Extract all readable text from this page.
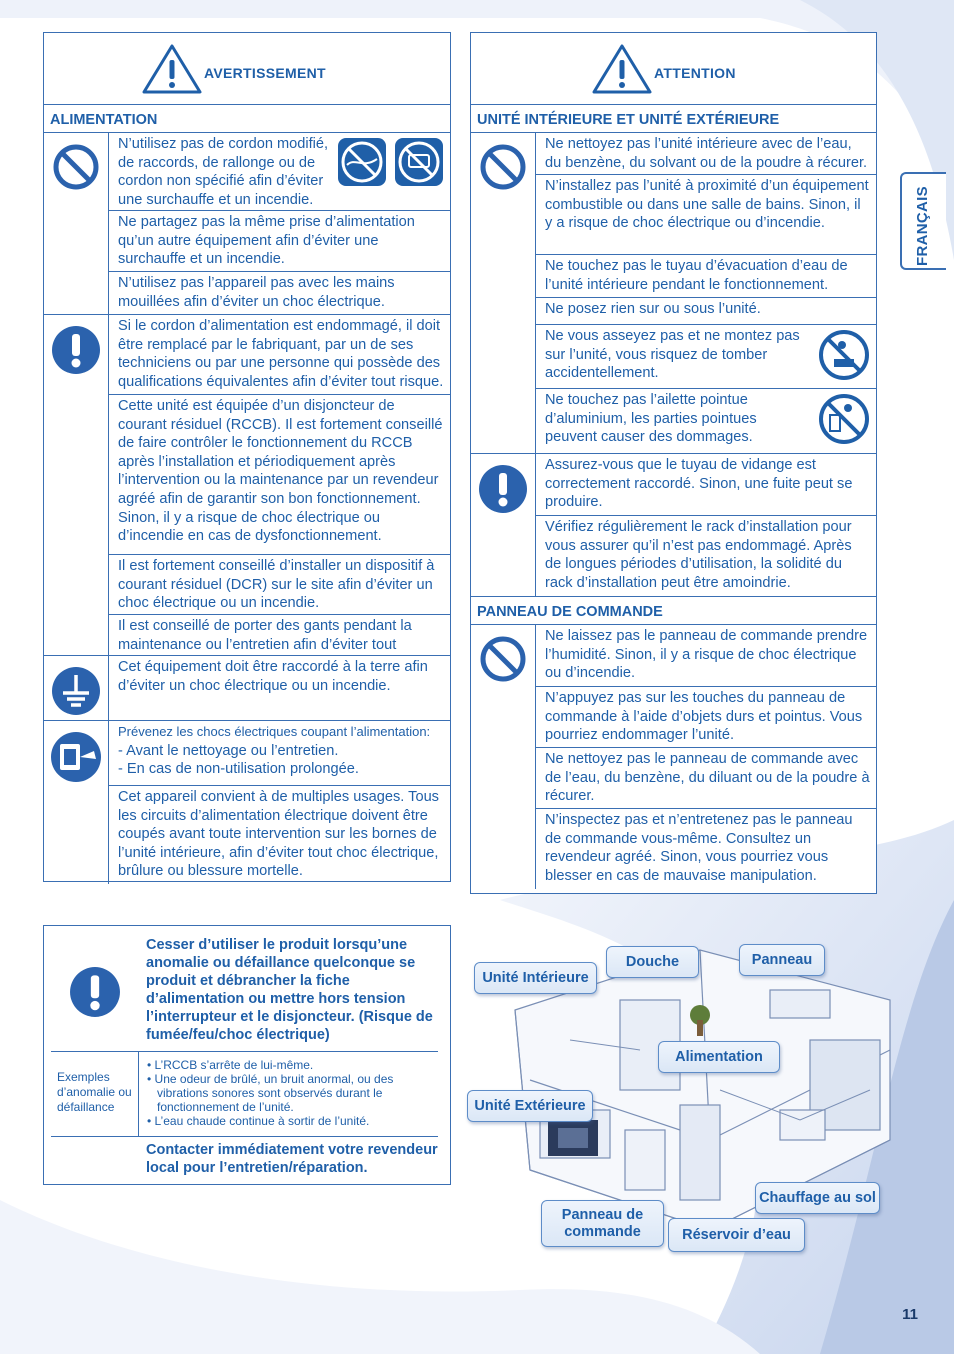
FRANÇAIS
AVERTISSEMENT
ALIMENTATION
N’utilisez pas de cordon modifié, de raccords, de rallonge ou de cordon non spécifié afin d’éviter une surchauffe et un incendie.
Ne partagez pas la même prise d’alimentation qu’un autre équipement afin d’éviter une surchauffe et un incendie.
N’utilisez pas l’appareil pas avec les mains mouillées afin d’éviter un choc électrique.
Si le cordon d’alimentation est endommagé, il doit être remplacé par le fabriquant, par un de ses techniciens ou par une personne qui possède des qualifications équivalentes afin d’éviter tout risque.
Cette unité est équipée d’un disjoncteur de courant résiduel (RCCB). Il est fortement conseillé de faire contrôler le fonctionnement du RCCB après l’installation et périodiquement après l’intervention ou la maintenance par un revendeur agréé afin de garantir son bon fonctionnement. Sinon, il y a risque de choc électrique ou d’incendie en cas de dysfonctionnement.
Il est fortement conseillé d’installer un dispositif à courant résiduel (DCR) sur le site afin d’éviter un choc électrique ou un incendie.
Il est conseillé de porter des gants pendant la maintenance ou l’entretien afin d’éviter tout
Cet équipement doit être raccordé à la terre afin d’éviter un choc électrique ou un incendie.
Prévenez les chocs électriques coupant l’alimentation:
- Avant le nettoyage ou l’entretien.
- En cas de non-utilisation prolongée.
Cet appareil convient à de multiples usages. Tous les circuits d’alimentation électrique doivent être coupés avant toute intervention sur les bornes de l’unité intérieure, afin d’éviter tout choc électrique, brûlure ou blessure mortelle.
ATTENTION
UNITÉ INTÉRIEURE ET UNITÉ EXTÉRIEURE
Ne nettoyez pas l’unité intérieure avec de l’eau, du benzène, du solvant ou de la poudre à récurer.
N’installez pas l’unité à proximité d’un équipement combustible ou dans une salle de bains. Sinon, il y a risque de choc électrique ou d’incendie.
Ne touchez pas le tuyau d’évacuation d’eau de l’unité intérieure pendant le fonctionnement.
Ne posez rien sur ou sous l’unité.
Ne vous asseyez pas et ne montez pas sur l’unité, vous risquez de tomber accidentellement.
Ne touchez pas l’ailette pointue d’aluminium, les parties pointues peuvent causer des dommages.
Assurez-vous que le tuyau de vidange est correctement raccordé. Sinon, une fuite peut se produire.
Vérifiez régulièrement le rack d’installation pour vous assurer qu’il n’est pas endommagé. Après de longues périodes d’utilisation, la solidité du rack d’installation peut être amoindrie.
PANNEAU DE COMMANDE
Ne laissez pas le panneau de commande prendre l’humidité. Sinon, il y a risque de choc électrique ou d’incendie.
N’appuyez pas sur les touches du panneau de commande à l’aide d’objets durs et pointus. Vous pourriez endommager l’unité.
Ne nettoyez pas le panneau de commande avec de l’eau, du benzène, du diluant ou de la poudre à récurer.
N’inspectez pas et n’entretenez pas le panneau de commande vous-même. Consultez un revendeur agréé. Sinon, vous pourriez vous blesser en cas de mauvaise manipulation.
Cesser d’utiliser le produit lorsqu’une anomalie ou défaillance quelconque se produit et débrancher la fiche d’alimentation ou mettre hors tension l’interrupteur et le disjoncteur. (Risque de fumée/feu/choc électrique)
Exemples d’anomalie ou défaillance
• L’RCCB s’arrête de lui-même.
• Une odeur de brûlé, un bruit anormal, ou des vibrations sonores sont observés durant le fonctionnement de l’unité.
• L’eau chaude continue à sortir de l’unité.
Contacter immédiatement votre revendeur local pour l’entretien/réparation.
Unité Intérieure
Douche	Panneau
Alimentation
Unité Extérieure
Chauffage au sol
Panneau de commande	Réservoir d’eau
11
